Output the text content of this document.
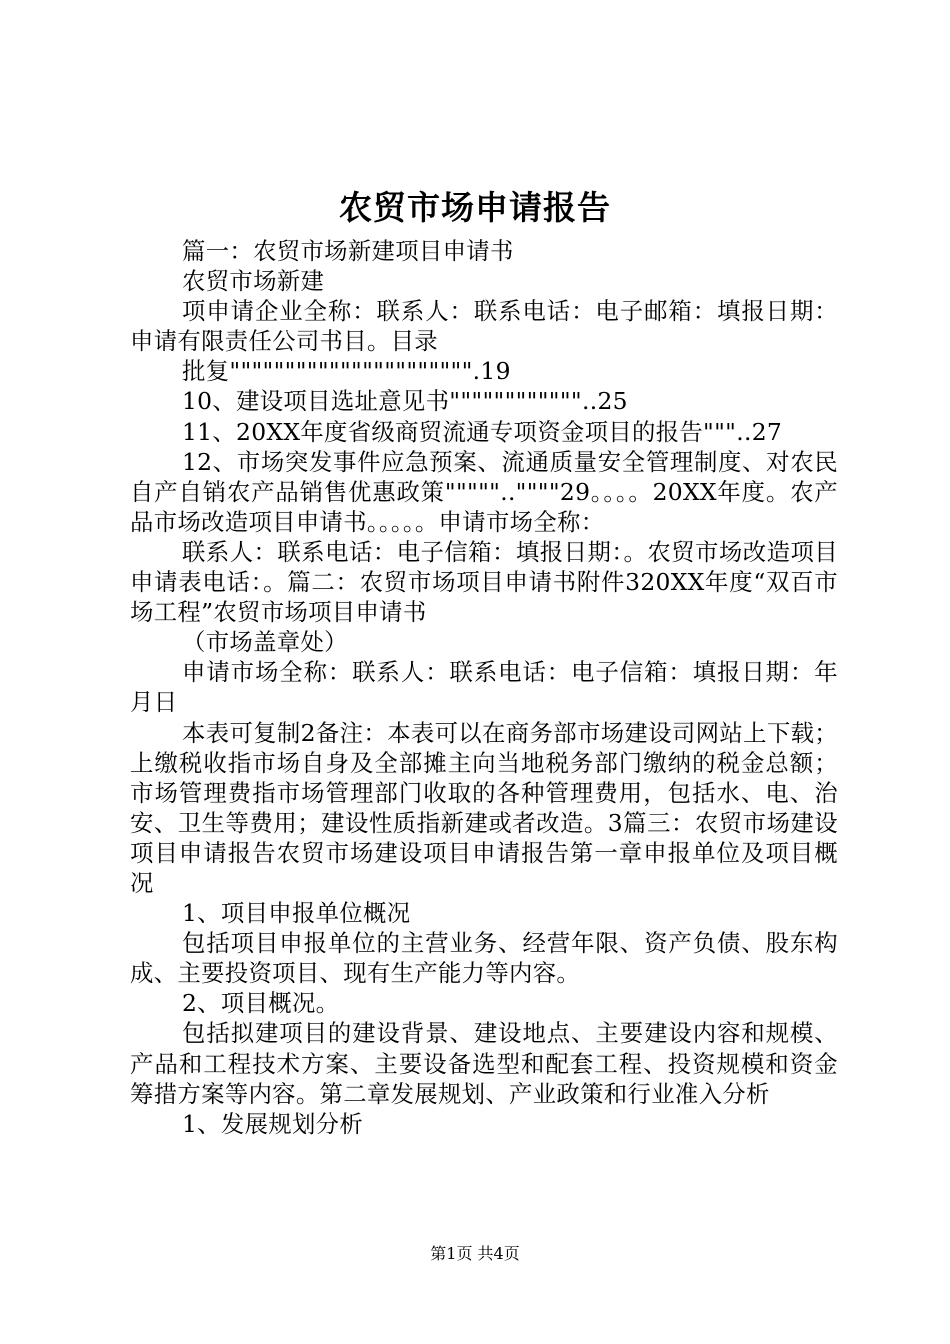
农贸市场申请报告

篇一：农贸市场新建项目申请书

农贸市场新建

项申请企业全称：联系人：联系电话：电子邮箱：填报日期：申请有限责任公司书目。目录

批复"""""""""""""""""""""".19

10、建设项目选址意见书""""""""""""..25

11、20XX年度省级商贸流通专项资金项目的报告"""..27

12、市场突发事件应急预案、流通质量安全管理制度、对农民自产自销农产品销售优惠政策"""""..""""29。。。。20XX年度。农产品市场改造项目申请书。。。。。申请市场全称：

联系人：联系电话：电子信箱：填报日期：。农贸市场改造项目申请表电话：。篇二：农贸市场项目申请书附件320XX年度“双百市场工程”农贸市场项目申请书

（市场盖章处）

申请市场全称：联系人：联系电话：电子信箱：填报日期：年月日

本表可复制2备注：本表可以在商务部市场建设司网站上下载；上缴税收指市场自身及全部摊主向当地税务部门缴纳的税金总额；市场管理费指市场管理部门收取的各种管理费用，包括水、电、治安、卫生等费用；建设性质指新建或者改造。3篇三：农贸市场建设项目申请报告农贸市场建设项目申请报告第一章申报单位及项目概况

1、项目申报单位概况

包括项目申报单位的主营业务、经营年限、资产负债、股东构成、主要投资项目、现有生产能力等内容。

2、项目概况。

包括拟建项目的建设背景、建设地点、主要建设内容和规模、产品和工程技术方案、主要设备选型和配套工程、投资规模和资金筹措方案等内容。第二章发展规划、产业政策和行业准入分析

1、发展规划分析

第1页 共4页
